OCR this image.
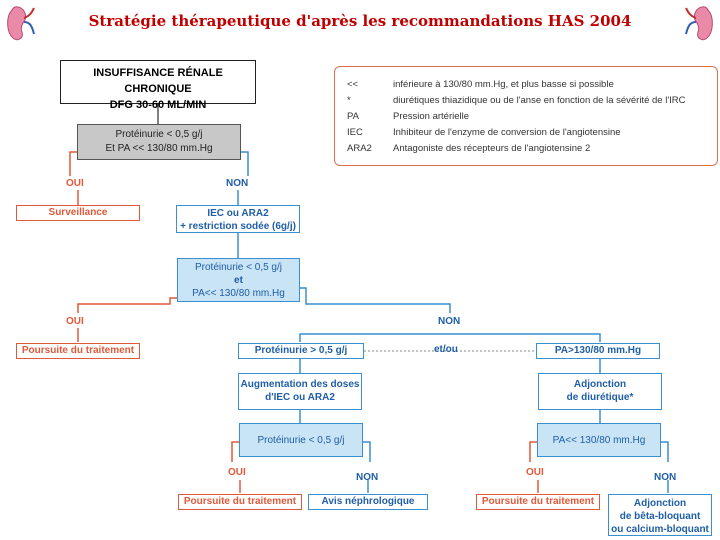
Stratégie thérapeutique d'après les recommandations HAS 2004
INSUFFISANCE RÉNALE CHRONIQUE
DFG 30-60 ML/MIN
Protéinurie < 0,5 g/j
Et PA << 130/80 mm.Hg
<<	inférieure à 130/80 mm.Hg, et plus basse si possible
*	diurétiques thiazidique ou de l'anse en fonction de la sévérité de l'IRC
PA	Pression artérielle
IEC	Inhibiteur de l'enzyme de conversion de l'angiotensine
ARA2	Antagoniste des récepteurs de l'angiotensine 2
OUI	NON
Surveillance	IEC ou ARA2
+ restriction sodée (6g/j)
Protéinurie < 0,5 g/j
et
PA<< 130/80 mm.Hg
OUI	NON
Poursuite du traitement	Protéinurie > 0,5 g/j	et/ou	PA>130/80 mm.Hg
Augmentation des doses
d'IEC ou ARA2
Adjonction
de diurétique*
Protéinurie < 0,5 g/j	PA<< 130/80 mm.Hg
OUI	NON	OUI	NON
Poursuite du traitement	Avis néphrologique	Poursuite du traitement	Adjonction
de bêta-bloquant
ou calcium-bloquant
